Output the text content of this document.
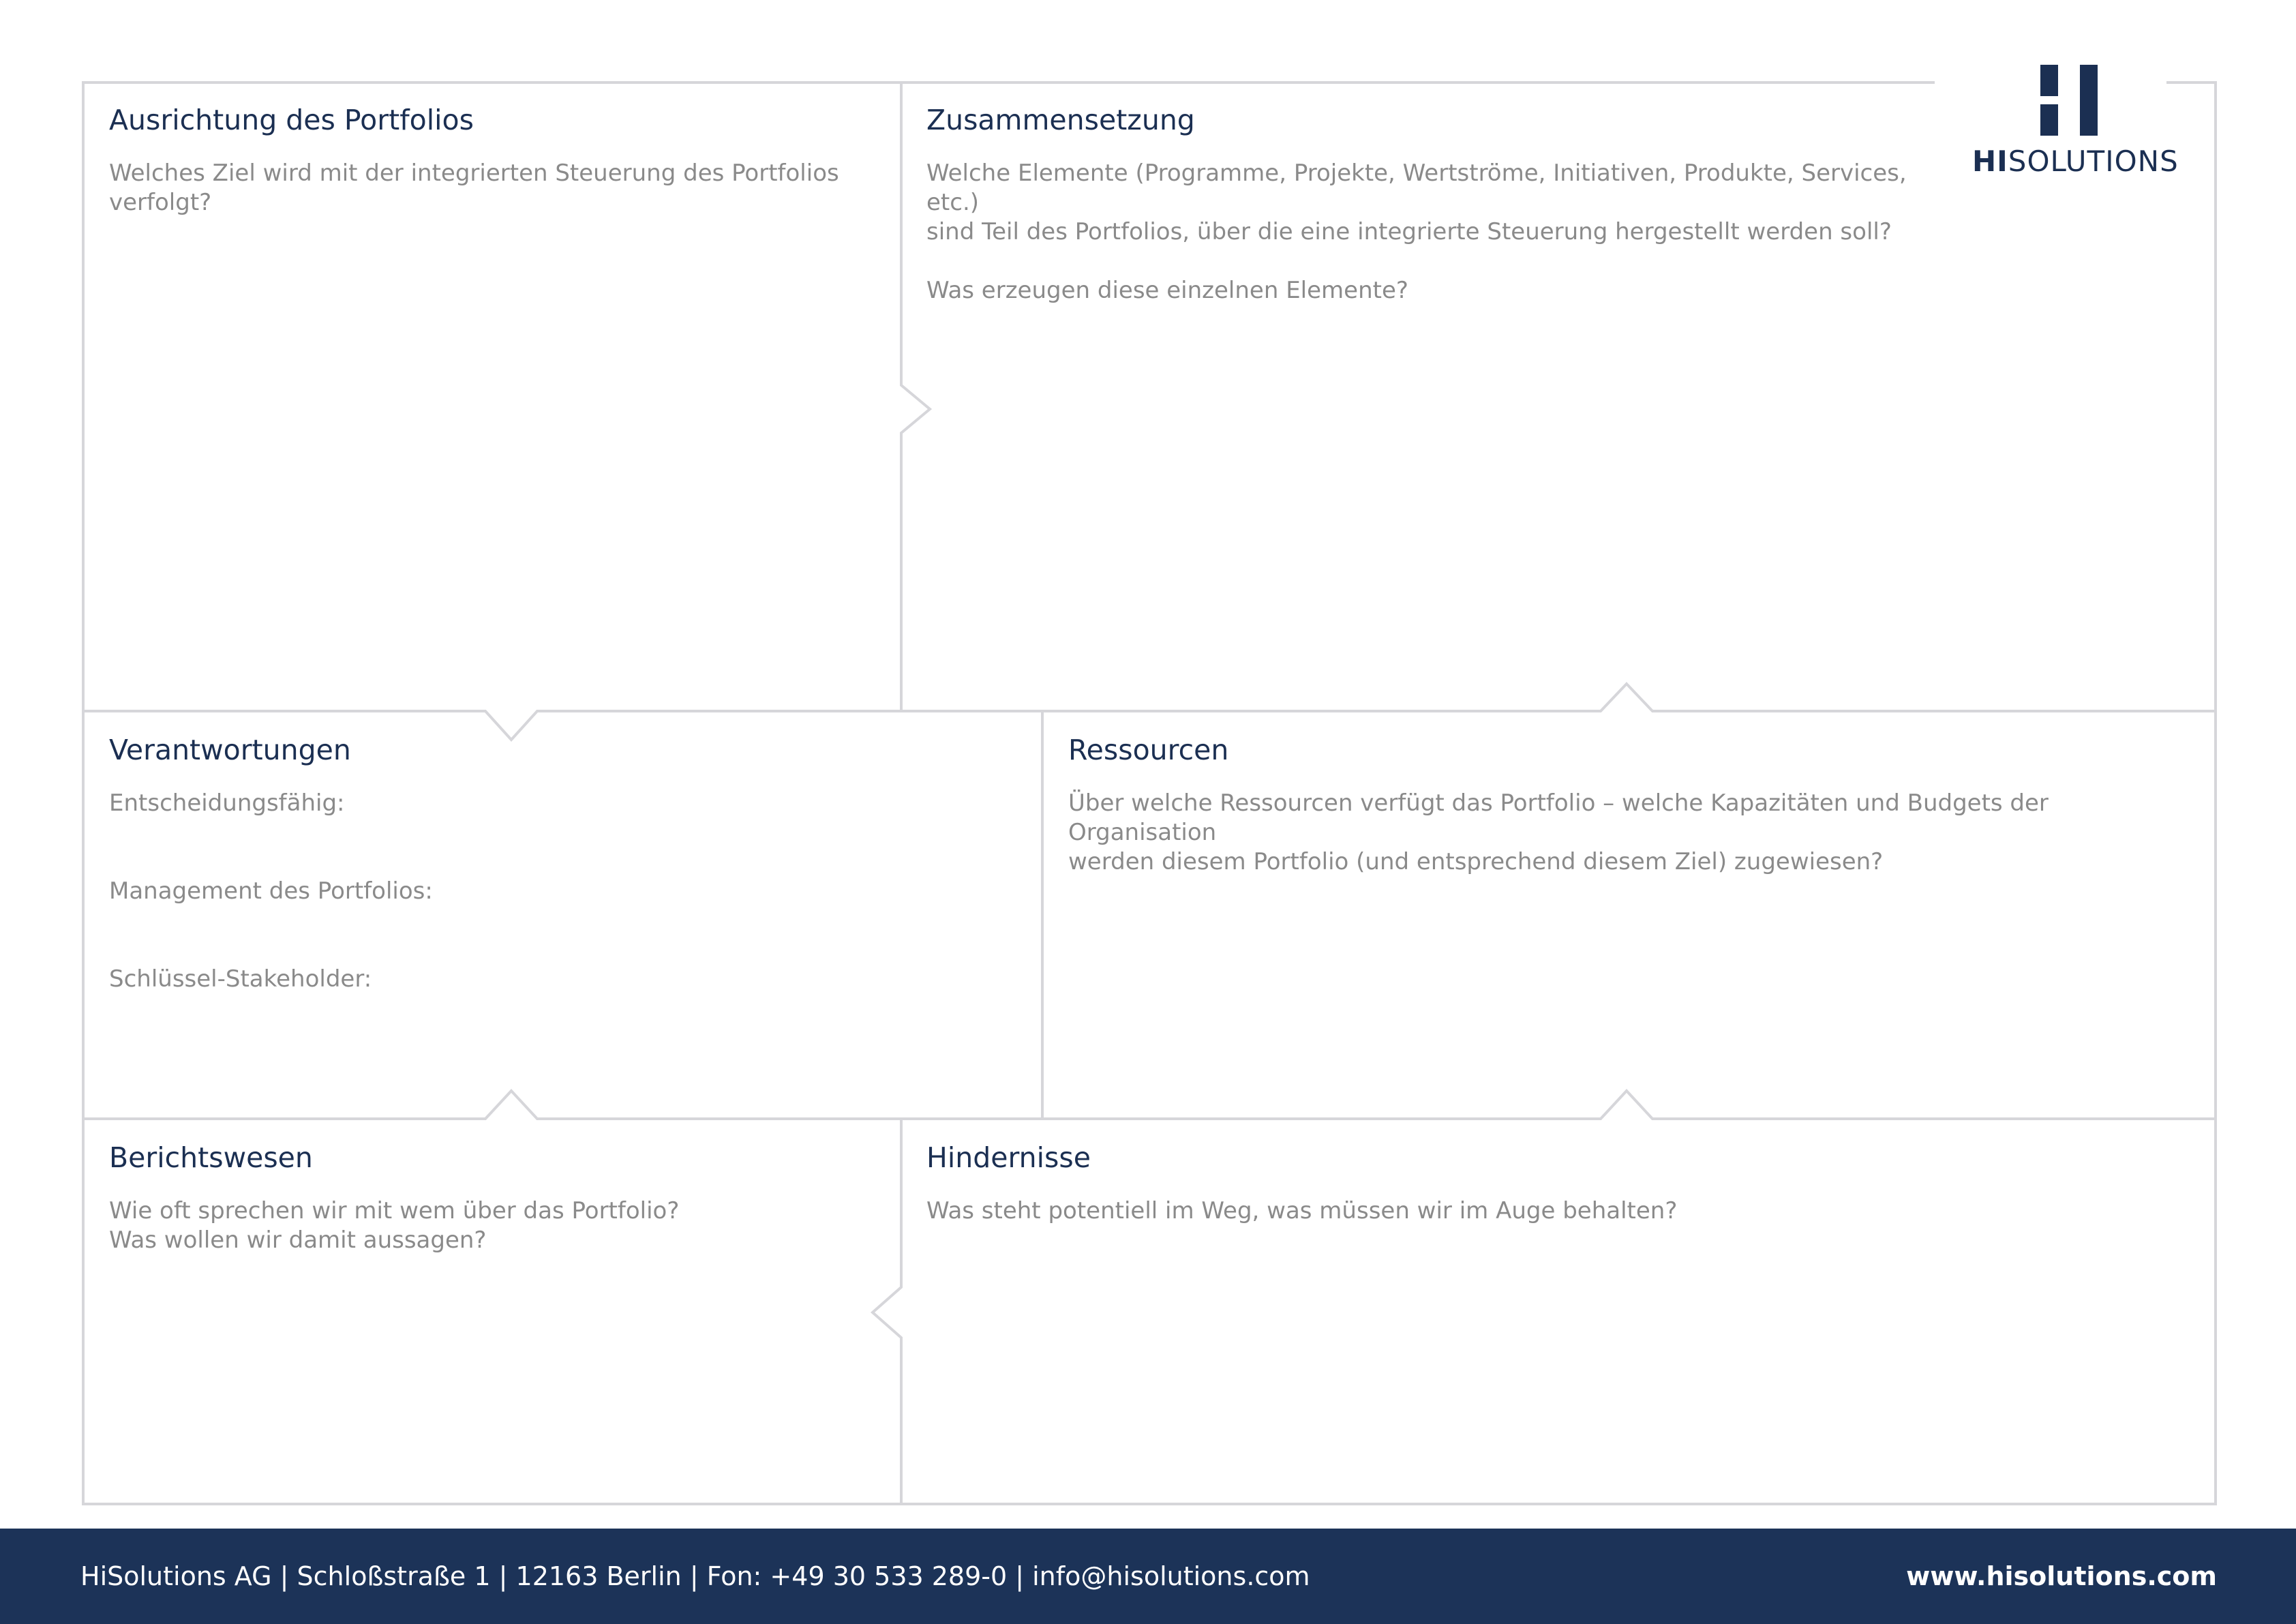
HISOLUTIONS
Ausrichtung des Portfolios

Welches Ziel wird mit der integrierten Steuerung des Portfolios

verfolgt?

Zusammensetzung

Welche Elemente (Programme, Projekte, Wertströme, Initiativen, Produkte, Services, etc.)

sind Teil des Portfolios, über die eine integrierte Steuerung hergestellt werden soll?

Was erzeugen diese einzelnen Elemente?

Verantwortungen

Entscheidungsfähig:

Management des Portfolios:

Schlüssel-Stakeholder:

Ressourcen

Über welche Ressourcen verfügt das Portfolio – welche Kapazitäten und Budgets der Organisation

werden diesem Portfolio (und entsprechend diesem Ziel) zugewiesen?

Berichtswesen

Wie oft sprechen wir mit wem über das Portfolio?

Was wollen wir damit aussagen?

Hindernisse

Was steht potentiell im Weg, was müssen wir im Auge behalten?

HiSolutions AG | Schloßstraße 1 | 12163 Berlin | Fon: +49 30 533 289-0 | info@hisolutions.com	www.hisolutions.com
